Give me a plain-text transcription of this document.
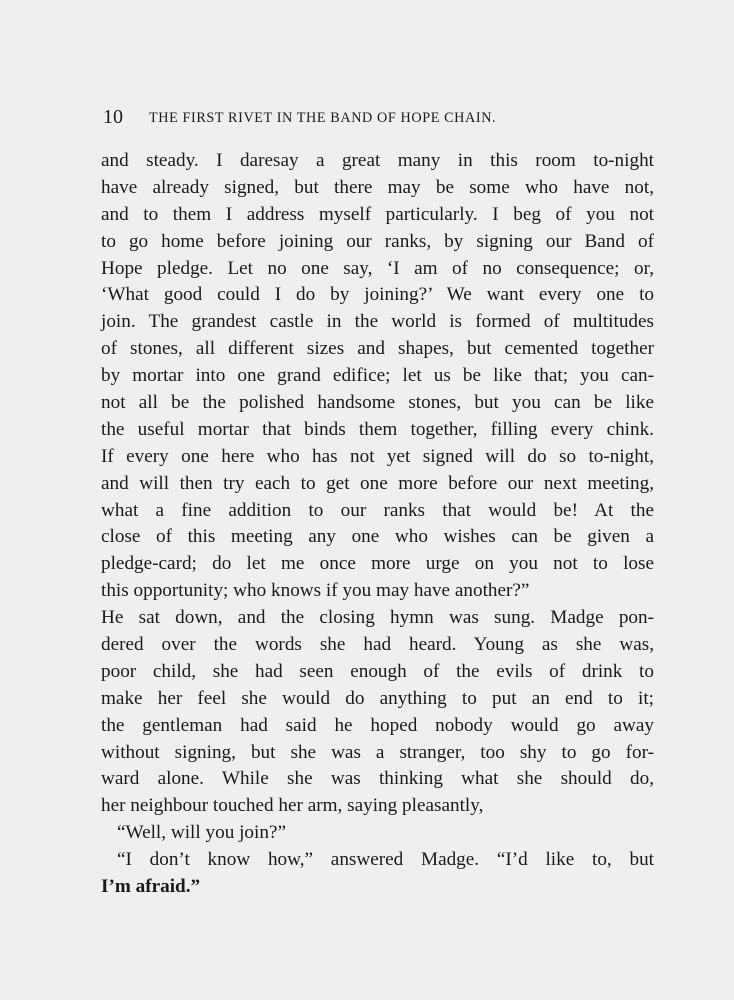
10 THE FIRST RIVET IN THE BAND OF HOPE CHAIN.
and steady. I daresay a great many in this room to-night
have already signed, but there may be some who have not,
and to them I address myself particularly. I beg of you not
to go home before joining our ranks, by signing our Band of
Hope pledge. Let no one say, ‘I am of no consequence; or,
‘What good could I do by joining?’ We want every one to
join. The grandest castle in the world is formed of multitudes
of stones, all different sizes and shapes, but cemented together
by mortar into one grand edifice; let us be like that; you can-
not all be the polished handsome stones, but you can be like
the useful mortar that binds them together, filling every chink.
If every one here who has not yet signed will do so to-night,
and will then try each to get one more before our next meeting,
what a fine addition to our ranks that would be! At the
close of this meeting any one who wishes can be given a
pledge-card; do let me once more urge on you not to lose
this opportunity; who knows if you may have another?”
He sat down, and the closing hymn was sung. Madge pon-
dered over the words she had heard. Young as she was,
poor child, she had seen enough of the evils of drink to
make her feel she would do anything to put an end to it;
the gentleman had said he hoped nobody would go away
without signing, but she was a stranger, too shy to go for-
ward alone. While she was thinking what she should do,
her neighbour touched her arm, saying pleasantly,
“Well, will you join?”
“I don’t know how,” answered Madge. “I’d like to, but
I’m afraid.”
